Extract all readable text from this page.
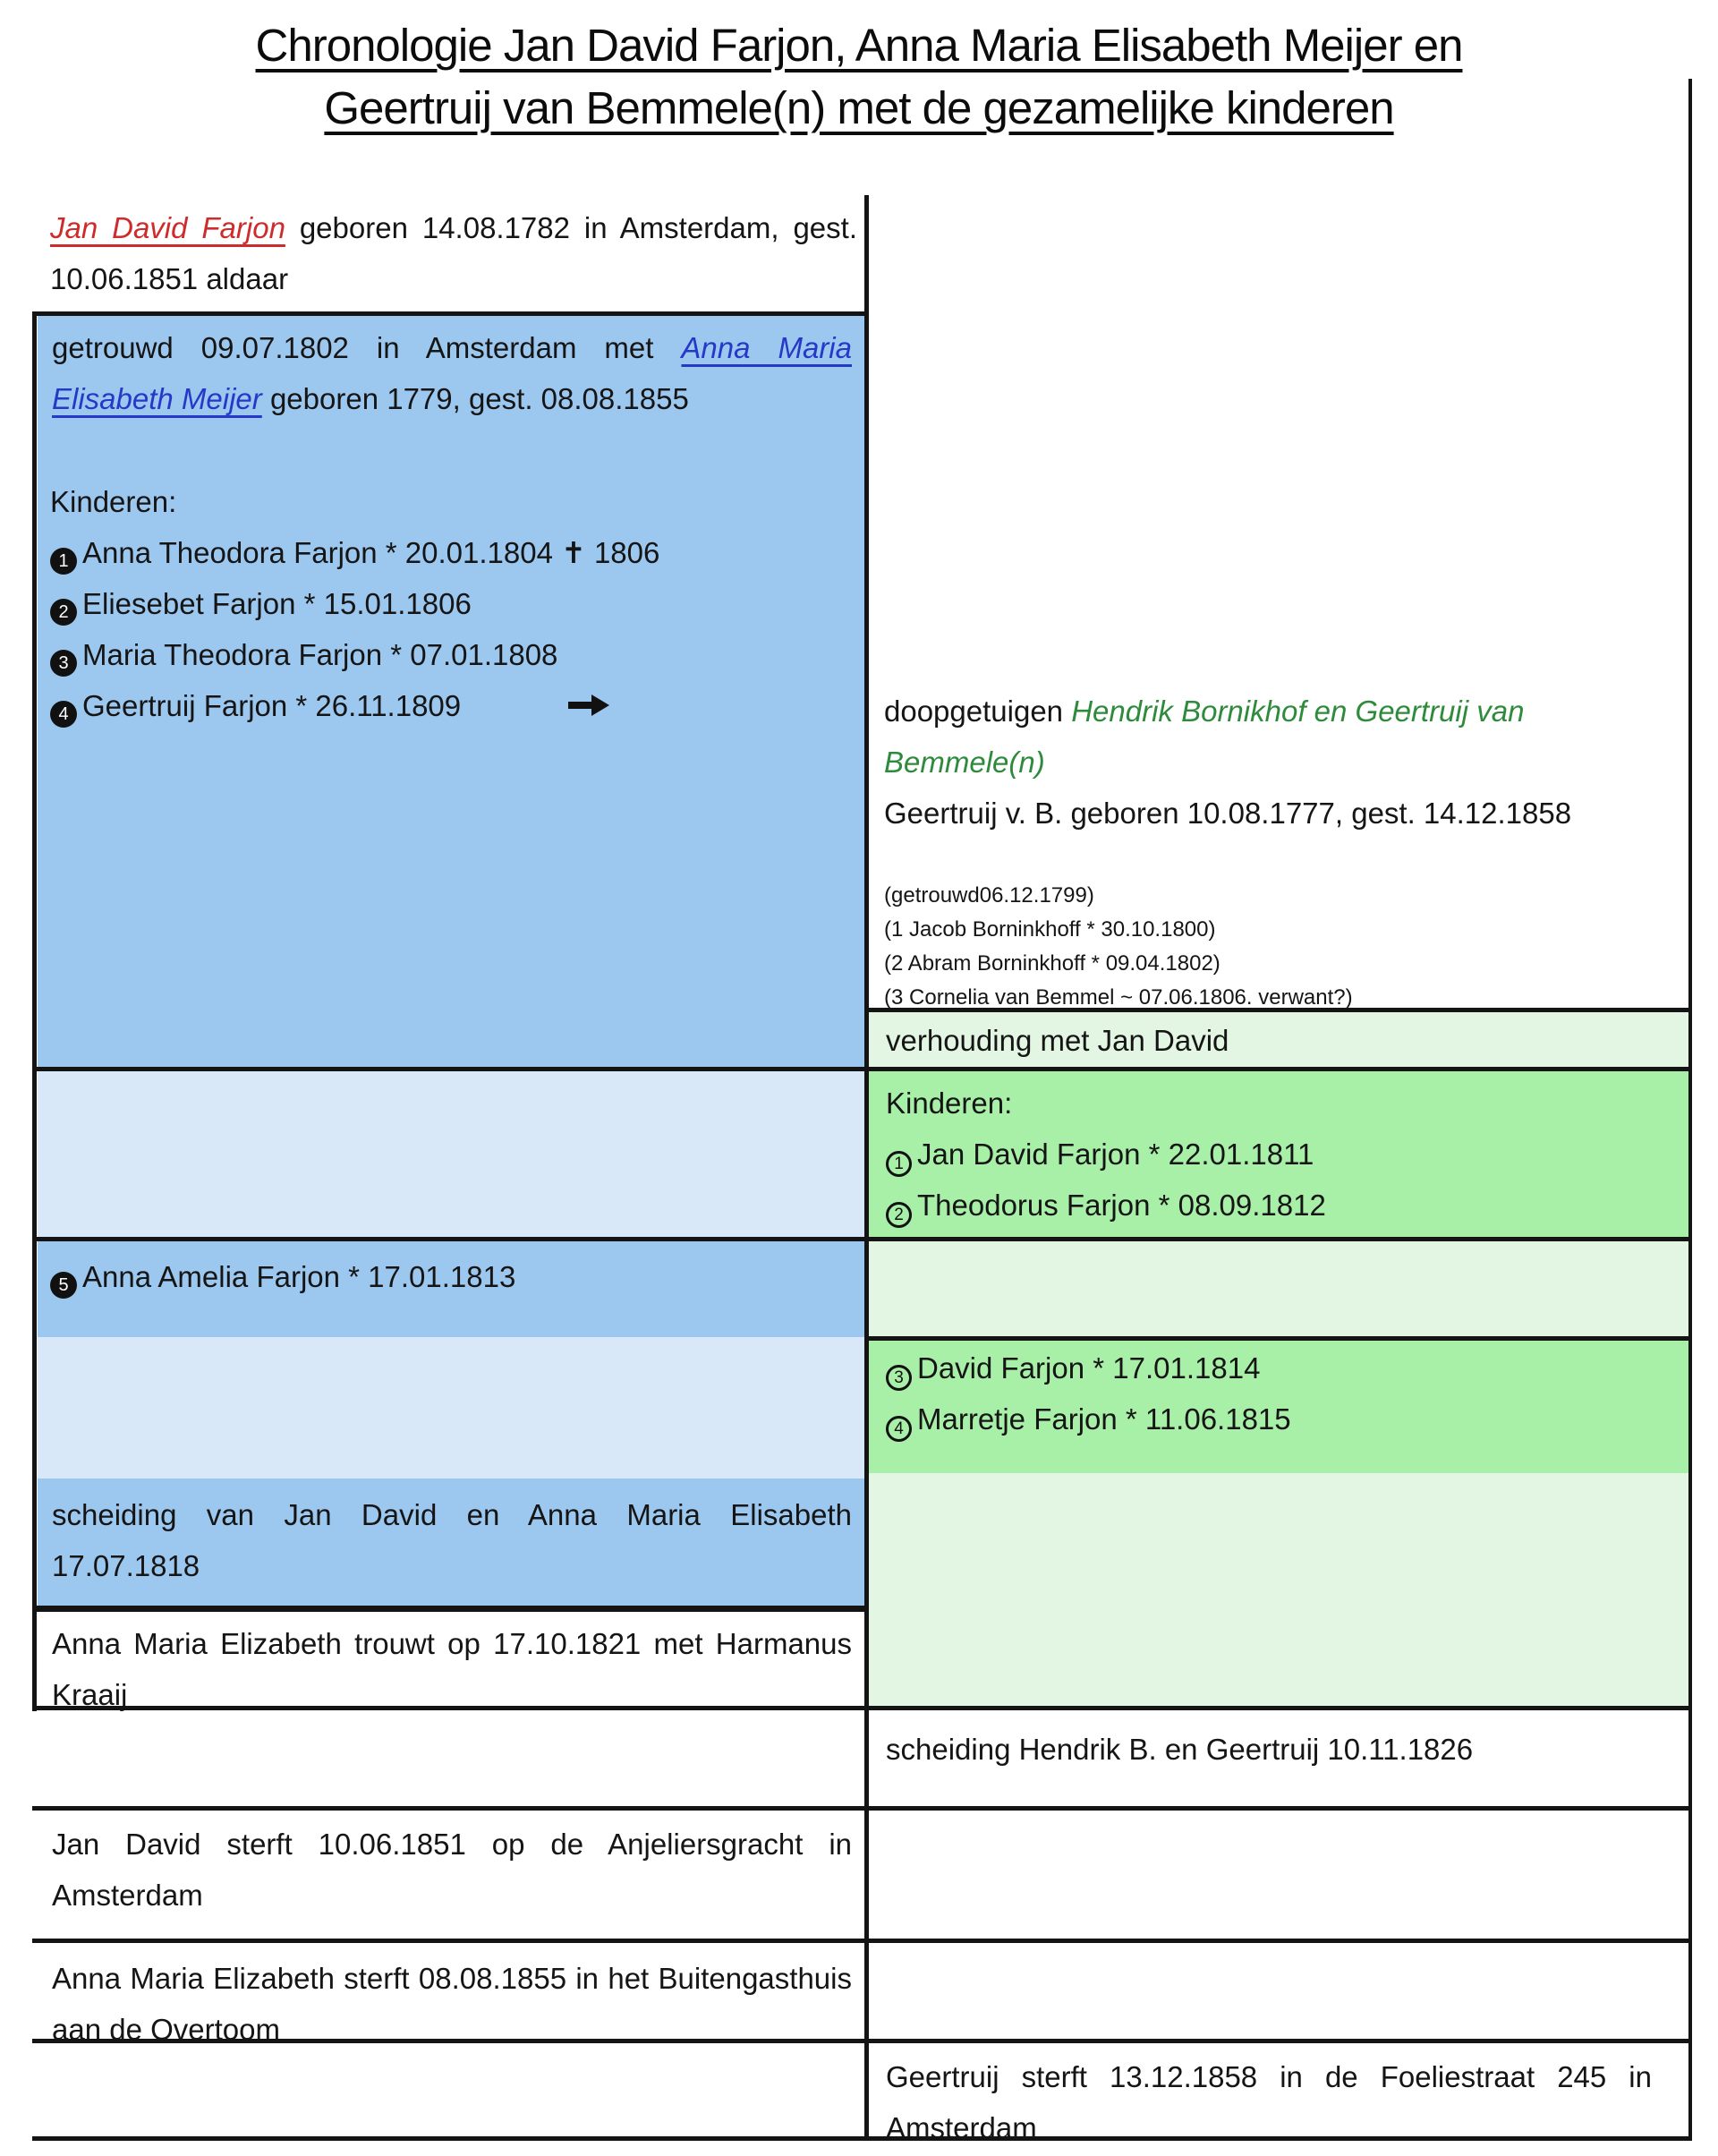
Chronologie Jan David Farjon, Anna Maria Elisabeth Meijer en
Geertruij van Bemmele(n) met de gezamelijke kinderen
Jan David Farjon geboren 14.08.1782 in Amsterdam, gest. 10.06.1851 aldaar
getrouwd 09.07.1802 in Amsterdam met Anna Maria Elisabeth Meijer geboren 1779, gest. 08.08.1855
Kinderen:
1 Anna Theodora Farjon * 20.01.1804 ✝ 1806
2 Eliesebet Farjon * 15.01.1806
3 Maria Theodora Farjon * 07.01.1808
4 Geertruij Farjon * 26.11.1809
5 Anna Amelia Farjon * 17.01.1813
scheiding van Jan David en Anna Maria Elisabeth 17.07.1818
Anna Maria Elizabeth trouwt op 17.10.1821 met Harmanus Kraaij
Jan David sterft 10.06.1851 op de Anjeliersgracht in Amsterdam
Anna Maria Elizabeth sterft 08.08.1855 in het Buitengasthuis aan de Overtoom
doopgetuigen Hendrik Bornikhof en Geertruij van Bemmele(n)
Geertruij v. B. geboren 10.08.1777, gest. 14.12.1858
(getrouwd06.12.1799)
(1 Jacob Borninkhoff * 30.10.1800)
(2 Abram Borninkhoff * 09.04.1802)
(3 Cornelia van Bemmel ~ 07.06.1806. verwant?)
verhouding met Jan David
Kinderen:
1 Jan David Farjon * 22.01.1811
2 Theodorus Farjon * 08.09.1812
3 David Farjon * 17.01.1814
4 Marretje Farjon * 11.06.1815
scheiding Hendrik B. en Geertruij 10.11.1826
Geertruij sterft 13.12.1858 in de Foeliestraat 245 in Amsterdam
